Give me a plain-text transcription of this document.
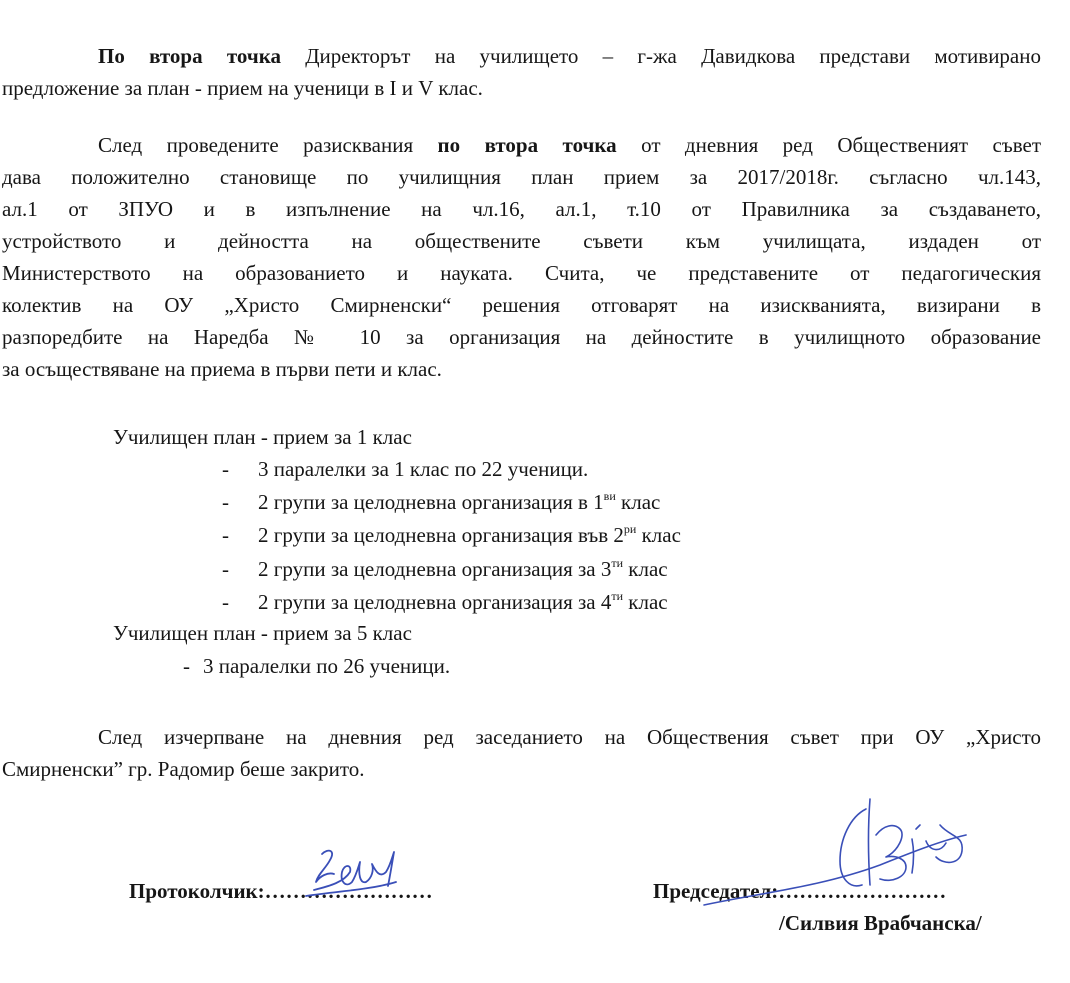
По втора точка Директорът на училището – г-жа Давидкова представи мотивирано
предложение за план - прием на ученици в I и V клас.
След проведените разисквания по втора точка от дневния ред Общественият съвет
дава положително становище по училищния план прием за 2017/2018г. съгласно чл.143,
ал.1 от ЗПУО и в изпълнение на чл.16, ал.1, т.10 от Правилника за създаването,
устройството и дейността на обществените съвети към училищата, издаден от
Министерството на образованието и науката. Счита, че представените от педагогическия
колектив на ОУ „Христо Смирненски“ решения отговарят на изискванията, визирани в
разпоредбите на Наредба № 10 за организация на дейностите в училищното образование
за осъществяване на приема в първи пети и клас.
Училищен план - прием за 1 клас
- 3 паралелки за 1 клас по 22 ученици.
- 2 групи за целодневна организация в $1^{ви}$ клас
- 2 групи за целодневна организация във $2^{ри}$ клас
- 2 групи за целодневна организация за $3^{ти}$ клас
- 2 групи за целодневна организация за $4^{ти}$ клас
Училищен план - прием за 5 клас
- 3 паралелки по 26 ученици.
След изчерпване на дневния ред заседанието на Обществения съвет при ОУ „Христо
Смирненски” гр. Радомир беше закрито.
Протоколчик:……………………	Председател:……………………
/Силвия Врабчанска/
